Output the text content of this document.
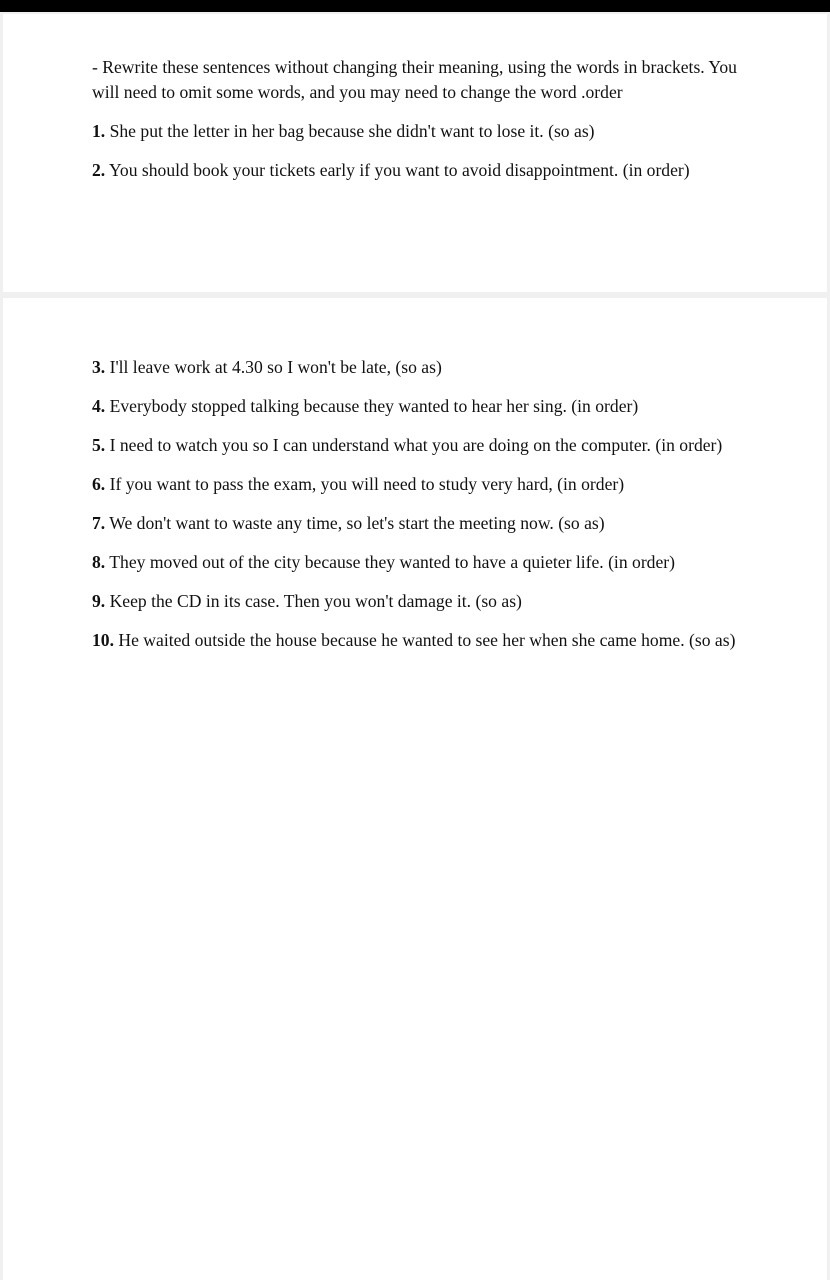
- Rewrite these sentences without changing their meaning, using the words in brackets. You will need to omit some words, and you may need to change the word .order

1. She put the letter in her bag because she didn't want to lose it. (so as)

2. You should book your tickets early if you want to avoid disappointment. (in order)

3. I'll leave work at 4.30 so I won't be late, (so as)

4. Everybody stopped talking because they wanted to hear her sing. (in order)

5. I need to watch you so I can understand what you are doing on the computer. (in order)

6. If you want to pass the exam, you will need to study very hard, (in order)

7. We don't want to waste any time, so let's start the meeting now. (so as)

8. They moved out of the city because they wanted to have a quieter life. (in order)

9. Keep the CD in its case. Then you won't damage it. (so as)

10. He waited outside the house because he wanted to see her when she came home. (so as)
